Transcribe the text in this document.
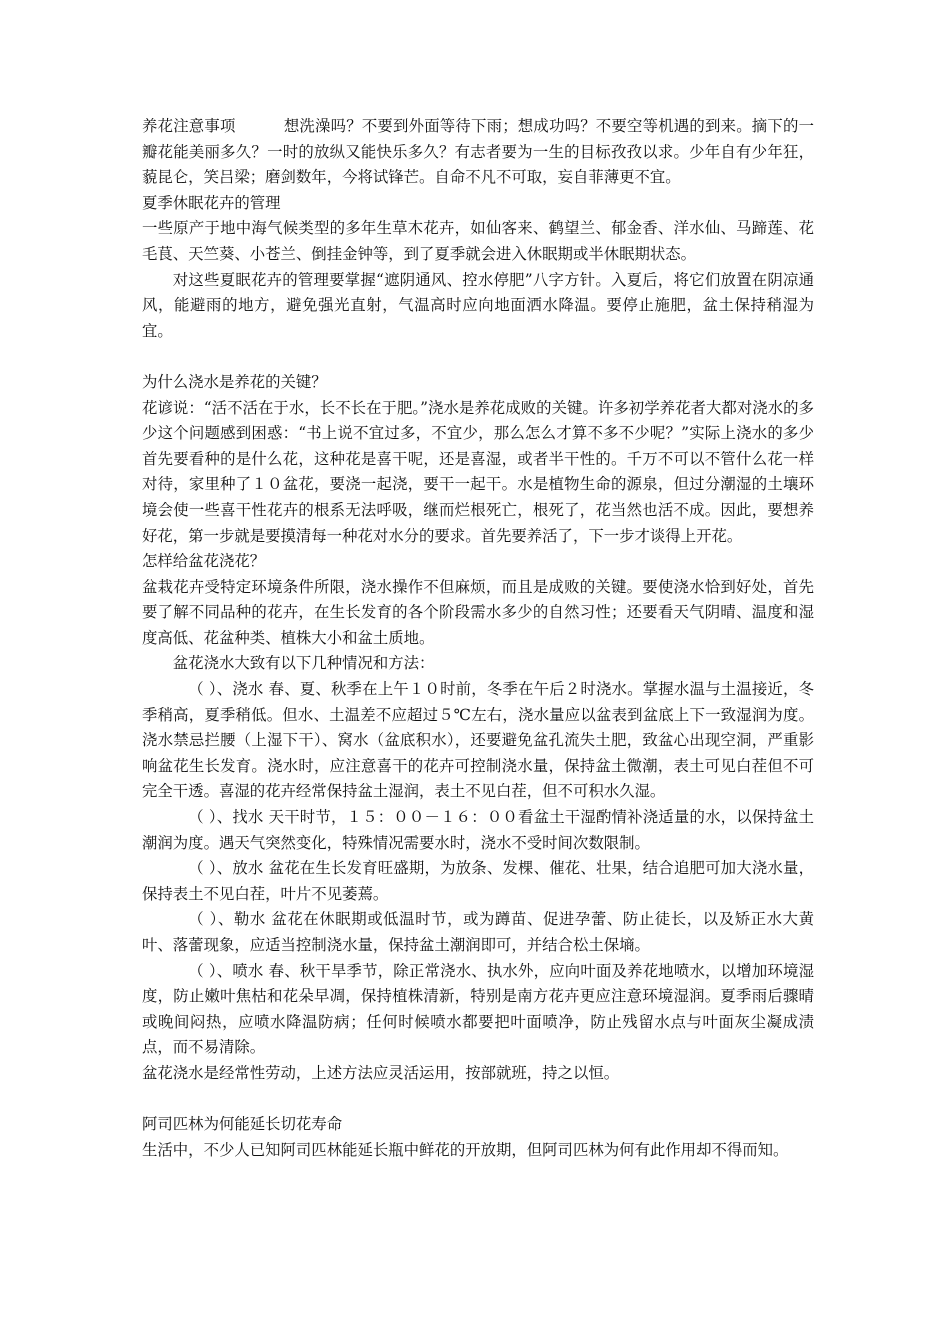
养花注意事项	想洗澡吗？不要到外面等待下雨；想成功吗？不要空等机遇的到来。摘下的一瓣花能美丽多久？一时的放纵又能快乐多久？有志者要为一生的目标孜孜以求。少年自有少年狂，藐昆仑，笑吕梁；磨剑数年，今将试锋芒。自命不凡不可取，妄自菲薄更不宜。

夏季休眠花卉的管理

一些原产于地中海气候类型的多年生草木花卉，如仙客来、鹤望兰、郁金香、洋水仙、马蹄莲、花毛茛、天竺葵、小苍兰、倒挂金钟等，到了夏季就会进入休眠期或半休眠期状态。

对这些夏眠花卉的管理要掌握“遮阴通风、控水停肥”八字方针。入夏后，将它们放置在阴凉通风，能避雨的地方，避免强光直射，气温高时应向地面洒水降温。要停止施肥，盆土保持稍湿为宜。

为什么浇水是养花的关键？

花谚说：“活不活在于水，长不长在于肥。”浇水是养花成败的关键。许多初学养花者大都对浇水的多少这个问题感到困惑：“书上说不宜过多，不宜少，那么怎么才算不多不少呢？”实际上浇水的多少首先要看种的是什么花，这种花是喜干呢，还是喜湿，或者半干性的。千万不可以不管什么花一样对待，家里种了１０盆花，要浇一起浇，要干一起干。水是植物生命的源泉，但过分潮湿的土壤环境会使一些喜干性花卉的根系无法呼吸，继而烂根死亡，根死了，花当然也活不成。因此，要想养好花，第一步就是要摸清每一种花对水分的要求。首先要养活了，下一步才谈得上开花。

怎样给盆花浇花？

盆栽花卉受特定环境条件所限，浇水操作不但麻烦，而且是成败的关键。要使浇水恰到好处，首先要了解不同品种的花卉，在生长发育的各个阶段需水多少的自然习性；还要看天气阴晴、温度和湿度高低、花盆种类、植株大小和盆土质地。

盆花浇水大致有以下几种情况和方法：

（ ）、浇水 春、夏、秋季在上午１０时前，冬季在午后２时浇水。掌握水温与土温接近，冬季稍高，夏季稍低。但水、土温差不应超过５℃左右，浇水量应以盆表到盆底上下一致湿润为度。浇水禁忌拦腰（上湿下干）、窝水（盆底积水），还要避免盆孔流失土肥，致盆心出现空洞，严重影响盆花生长发育。浇水时，应注意喜干的花卉可控制浇水量，保持盆土微潮，表土可见白茬但不可完全干透。喜湿的花卉经常保持盆土湿润，表土不见白茬，但不可积水久湿。

（ ）、找水 天干时节，１５：００－１６：００看盆土干湿酌情补浇适量的水，以保持盆土潮润为度。遇天气突然变化，特殊情况需要水时，浇水不受时间次数限制。

（ ）、放水 盆花在生长发育旺盛期，为放条、发棵、催花、壮果，结合追肥可加大浇水量，保持表土不见白茬，叶片不见萎蔫。

（ ）、勒水 盆花在休眠期或低温时节，或为蹲苗、促进孕蕾、防止徒长，以及矫正水大黄叶、落蕾现象，应适当控制浇水量，保持盆土潮润即可，并结合松土保墒。

（ ）、喷水 春、秋干旱季节，除正常浇水、执水外，应向叶面及养花地喷水，以增加环境湿度，防止嫩叶焦枯和花朵早凋，保持植株清新，特别是南方花卉更应注意环境湿润。夏季雨后骤晴或晚间闷热，应喷水降温防病；任何时候喷水都要把叶面喷净，防止残留水点与叶面灰尘凝成渍点，而不易清除。

盆花浇水是经常性劳动，上述方法应灵活运用，按部就班，持之以恒。

阿司匹林为何能延长切花寿命

生活中，不少人已知阿司匹林能延长瓶中鲜花的开放期，但阿司匹林为何有此作用却不得而知。
